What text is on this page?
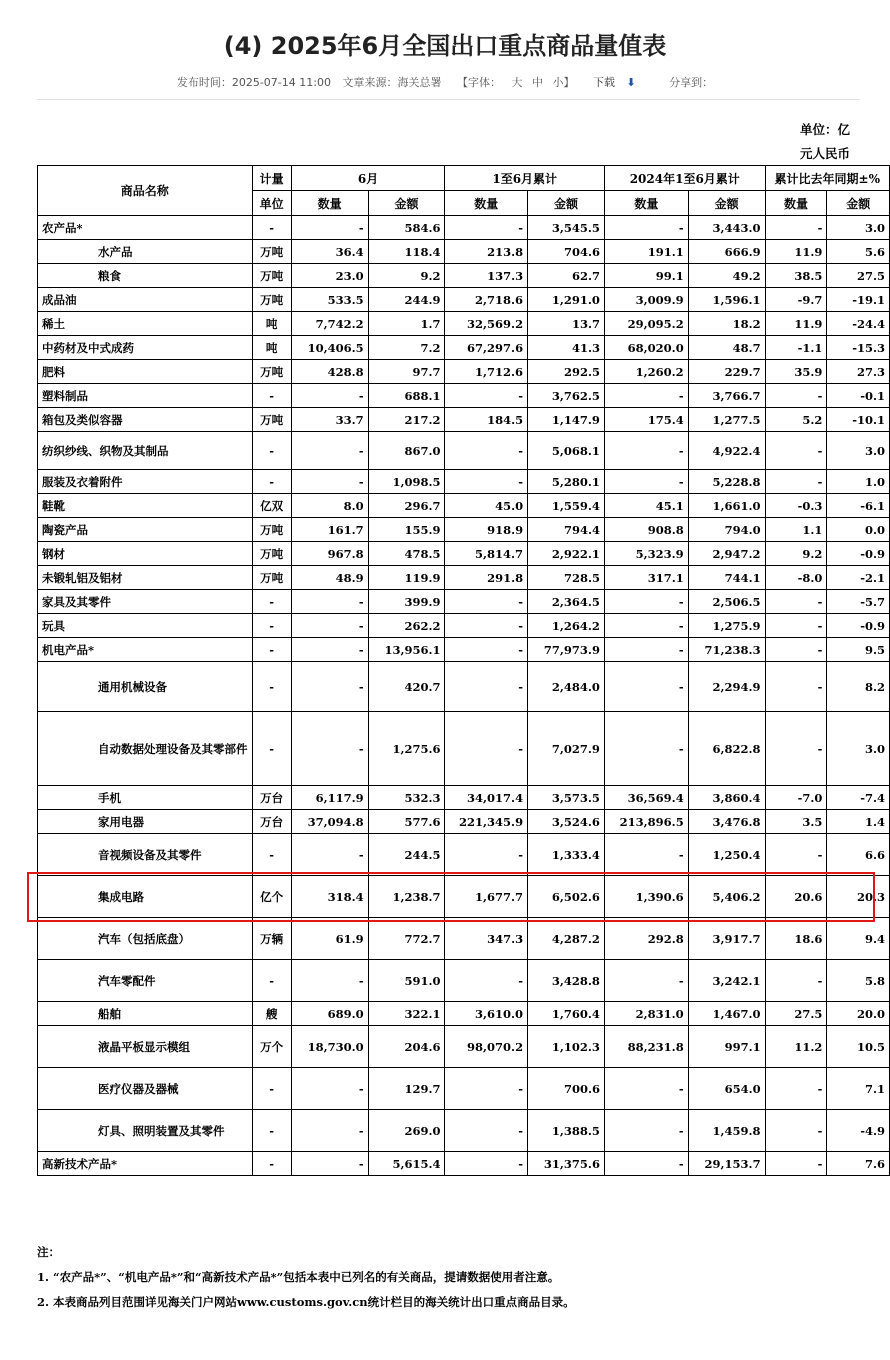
(4) 2025年6月全国出口重点商品量值表
发布时间：2025-07-14 11:00 文章来源：海关总署 【字体： 大 中 小】 下载 ⬇	分享到：
单位：亿
元人民币
商品名称	计量	6月		1至6月累计		2024年1至6月累计		累计比去年同期±%	
	单位	数量	金额	数量	金额	数量	金额	数量	金额
农产品*	-	-	584.6	-	3,545.5	-	3,443.0	-	3.0
水产品	万吨	36.4	118.4	213.8	704.6	191.1	666.9	11.9	5.6
粮食	万吨	23.0	9.2	137.3	62.7	99.1	49.2	38.5	27.5
成品油	万吨	533.5	244.9	2,718.6	1,291.0	3,009.9	1,596.1	-9.7	-19.1
稀土	吨	7,742.2	1.7	32,569.2	13.7	29,095.2	18.2	11.9	-24.4
中药材及中式成药	吨	10,406.5	7.2	67,297.6	41.3	68,020.0	48.7	-1.1	-15.3
肥料	万吨	428.8	97.7	1,712.6	292.5	1,260.2	229.7	35.9	27.3
塑料制品	-	-	688.1	-	3,762.5	-	3,766.7	-	-0.1
箱包及类似容器	万吨	33.7	217.2	184.5	1,147.9	175.4	1,277.5	5.2	-10.1
纺织纱线、织物及其制品	-	-	867.0	-	5,068.1	-	4,922.4	-	3.0
服装及衣着附件	-	-	1,098.5	-	5,280.1	-	5,228.8	-	1.0
鞋靴	亿双	8.0	296.7	45.0	1,559.4	45.1	1,661.0	-0.3	-6.1
陶瓷产品	万吨	161.7	155.9	918.9	794.4	908.8	794.0	1.1	0.0
钢材	万吨	967.8	478.5	5,814.7	2,922.1	5,323.9	2,947.2	9.2	-0.9
未锻轧铝及铝材	万吨	48.9	119.9	291.8	728.5	317.1	744.1	-8.0	-2.1
家具及其零件	-	-	399.9	-	2,364.5	-	2,506.5	-	-5.7
玩具	-	-	262.2	-	1,264.2	-	1,275.9	-	-0.9
机电产品*	-	-	13,956.1	-	77,973.9	-	71,238.3	-	9.5
通用机械设备	-	-	420.7	-	2,484.0	-	2,294.9	-	8.2
自动数据处理设备及其零部件	-	-	1,275.6	-	7,027.9	-	6,822.8	-	3.0
手机	万台	6,117.9	532.3	34,017.4	3,573.5	36,569.4	3,860.4	-7.0	-7.4
家用电器	万台	37,094.8	577.6	221,345.9	3,524.6	213,896.5	3,476.8	3.5	1.4
音视频设备及其零件	-	-	244.5	-	1,333.4	-	1,250.4	-	6.6
集成电路	亿个	318.4	1,238.7	1,677.7	6,502.6	1,390.6	5,406.2	20.6	20.3
汽车（包括底盘）	万辆	61.9	772.7	347.3	4,287.2	292.8	3,917.7	18.6	9.4
汽车零配件	-	-	591.0	-	3,428.8	-	3,242.1	-	5.8
船舶	艘	689.0	322.1	3,610.0	1,760.4	2,831.0	1,467.0	27.5	20.0
液晶平板显示模组	万个	18,730.0	204.6	98,070.2	1,102.3	88,231.8	997.1	11.2	10.5
医疗仪器及器械	-	-	129.7	-	700.6	-	654.0	-	7.1
灯具、照明装置及其零件	-	-	269.0	-	1,388.5	-	1,459.8	-	-4.9
高新技术产品*	-	-	5,615.4	-	31,375.6	-	29,153.7	-	7.6
注：
1. “农产品*”、“机电产品*”和“高新技术产品*”包括本表中已列名的有关商品，提请数据使用者注意。
2. 本表商品列目范围详见海关门户网站www.customs.gov.cn统计栏目的海关统计出口重点商品目录。
